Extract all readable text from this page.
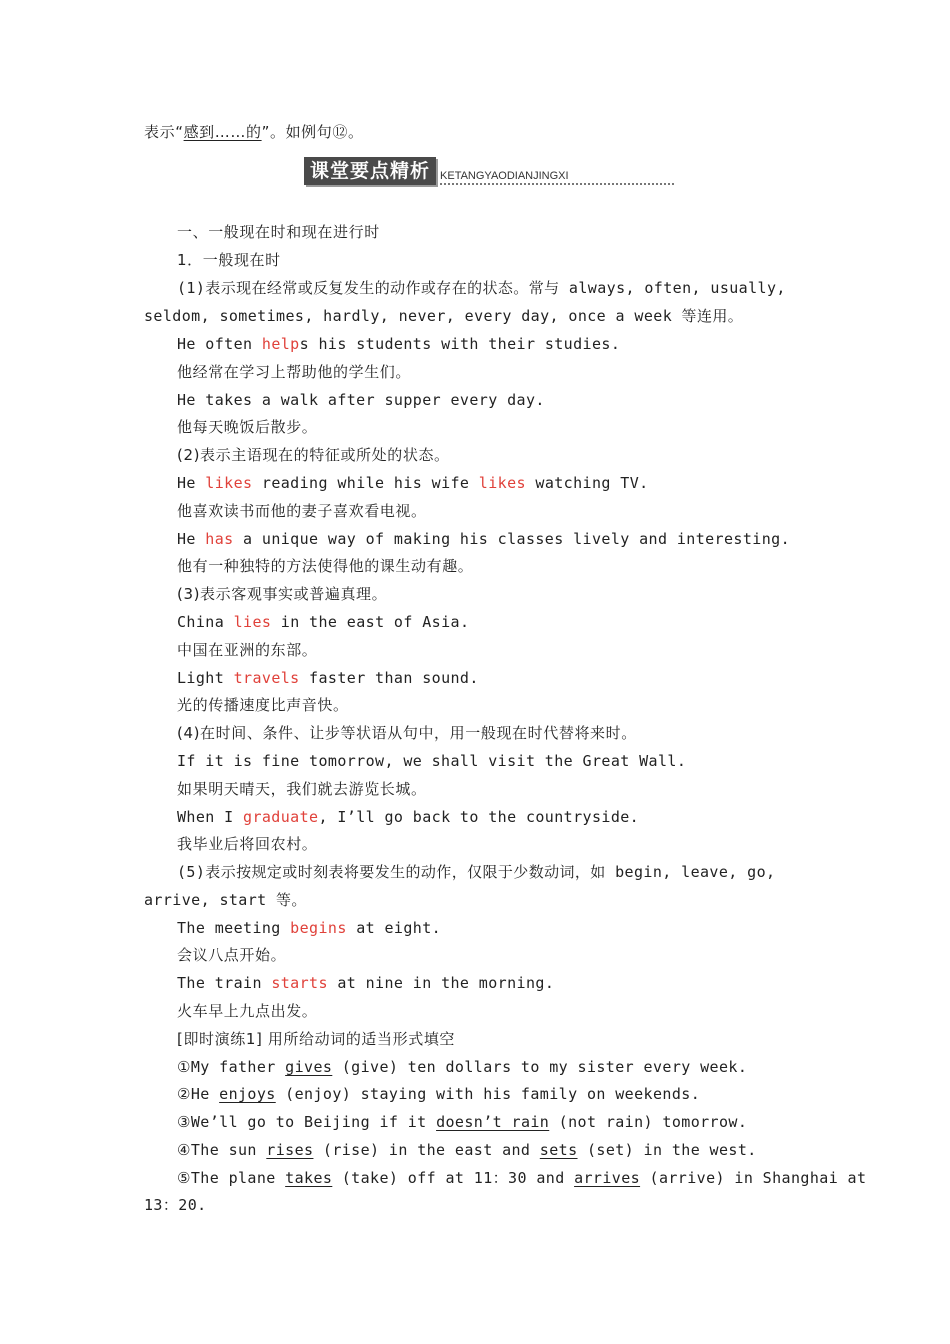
表示“感到……的”。如例句⑫。
课堂要点精析 KETANGYAODIANJINGXI
一、一般现在时和现在进行时
1．一般现在时
(1)表示现在经常或反复发生的动作或存在的状态。常与 always, often, usually,
seldom, sometimes, hardly, never, every day, once a week 等连用。
He often helps his students with their studies.
他经常在学习上帮助他的学生们。
He takes a walk after supper every day.
他每天晚饭后散步。
(2)表示主语现在的特征或所处的状态。
He likes reading while his wife likes watching TV.
他喜欢读书而他的妻子喜欢看电视。
He has a unique way of making his classes lively and interesting.
他有一种独特的方法使得他的课生动有趣。
(3)表示客观事实或普遍真理。
China lies in the east of Asia.
中国在亚洲的东部。
Light travels faster than sound.
光的传播速度比声音快。
(4)在时间、条件、让步等状语从句中，用一般现在时代替将来时。
If it is fine tomorrow, we shall visit the Great Wall.
如果明天晴天，我们就去游览长城。
When I graduate, I’ll go back to the countryside.
我毕业后将回农村。
(5)表示按规定或时刻表将要发生的动作，仅限于少数动词，如 begin, leave, go,
arrive, start 等。
The meeting begins at eight.
会议八点开始。
The train starts at nine in the morning.
火车早上九点出发。
[即时演练1] 用所给动词的适当形式填空
①My father gives (give) ten dollars to my sister every week.
②He enjoys (enjoy) staying with his family on weekends.
③We’ll go to Beijing if it doesn’t rain (not rain) tomorrow.
④The sun rises (rise) in the east and sets (set) in the west.
⑤The plane takes (take) off at 11：30 and arrives (arrive) in Shanghai at
13：20.
